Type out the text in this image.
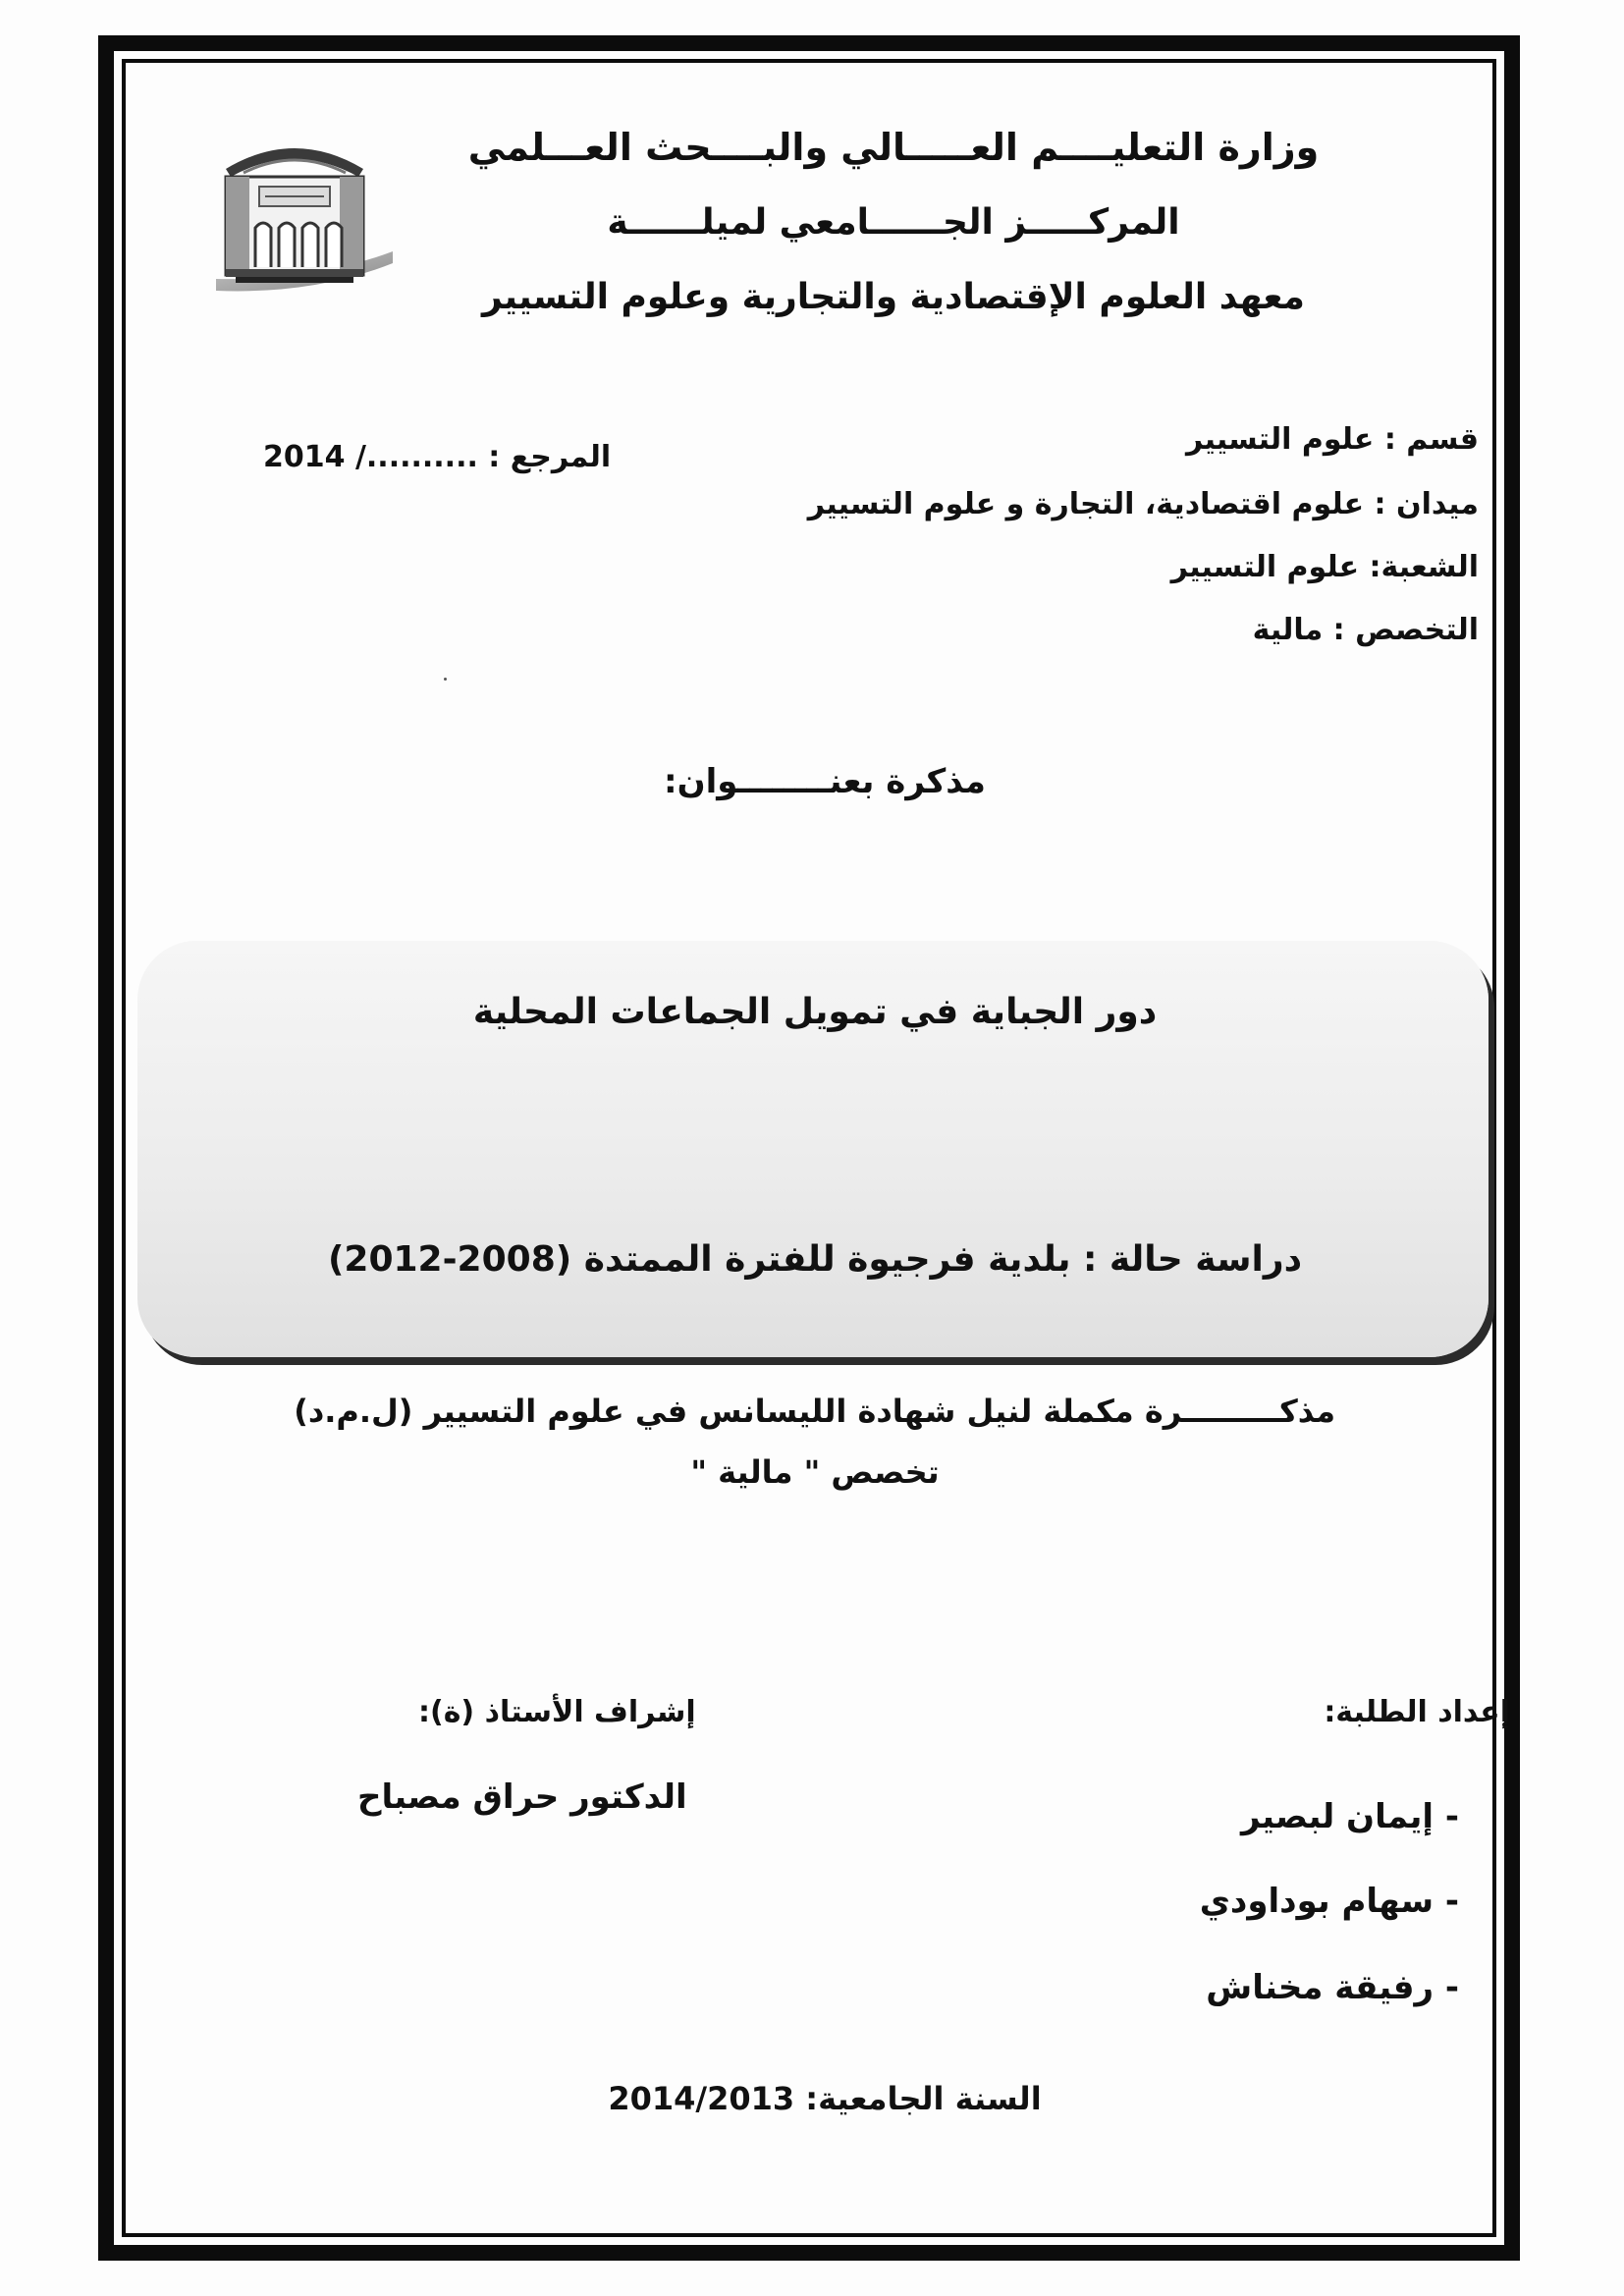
وزارة التعليــــم العـــــالي والبــــحث العـــلمي
المركـــــز الجــــــامعي لميلــــــة
معهد العلوم الإقتصادية والتجارية وعلوم التسيير
قسم : علوم التسيير
ميدان : علوم اقتصادية، التجارة و علوم التسيير
الشعبة: علوم التسيير
التخصص : مالية
المرجع : ........../ 2014
مذكرة بعنــــــــوان:
دور الجباية في تمويل الجماعات المحلية
دراسة حالة : بلدية فرجيوة للفترة الممتدة (2008-2012)
مذكـــــــــرة مكملة لنيل شهادة الليسانس في علوم التسيير (ل.م.د)
تخصص " مالية "
إعداد الطلبة:
- إيمان لبصير
- سهام بوداودي
- رفيقة مخناش
إشراف الأستاذ (ة):
الدكتور حراق مصباح
السنة الجامعية: 2014/2013
